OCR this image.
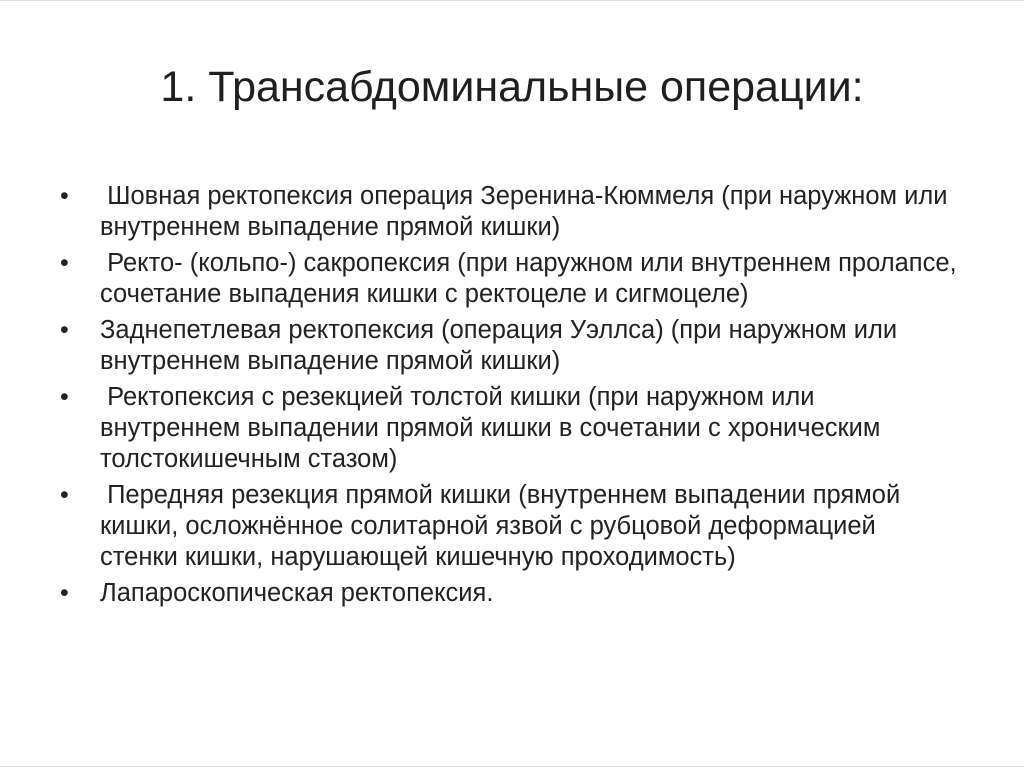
1. Трансабдоминальные операции:
•	Шовная ректопексия операция Зеренина-Кюммеля (при наружном или внутреннем выпадение прямой кишки)
•	Ректо- (кольпо-) сакропексия (при наружном или внутреннем пролапсе, сочетание выпадения кишки с ректоцеле и сигмоцеле)
•	Заднепетлевая ректопексия (операция Уэллса) (при наружном или внутреннем выпадение прямой кишки)
•	Ректопексия с резекцией толстой кишки (при наружном или внутреннем выпадении прямой кишки в сочетании с хроническим толстокишечным стазом)
•	Передняя резекция прямой кишки (внутреннем выпадении прямой кишки, осложнённое солитарной язвой с рубцовой деформацией стенки кишки, нарушающей кишечную проходимость)
•	Лапароскопическая ректопексия.
